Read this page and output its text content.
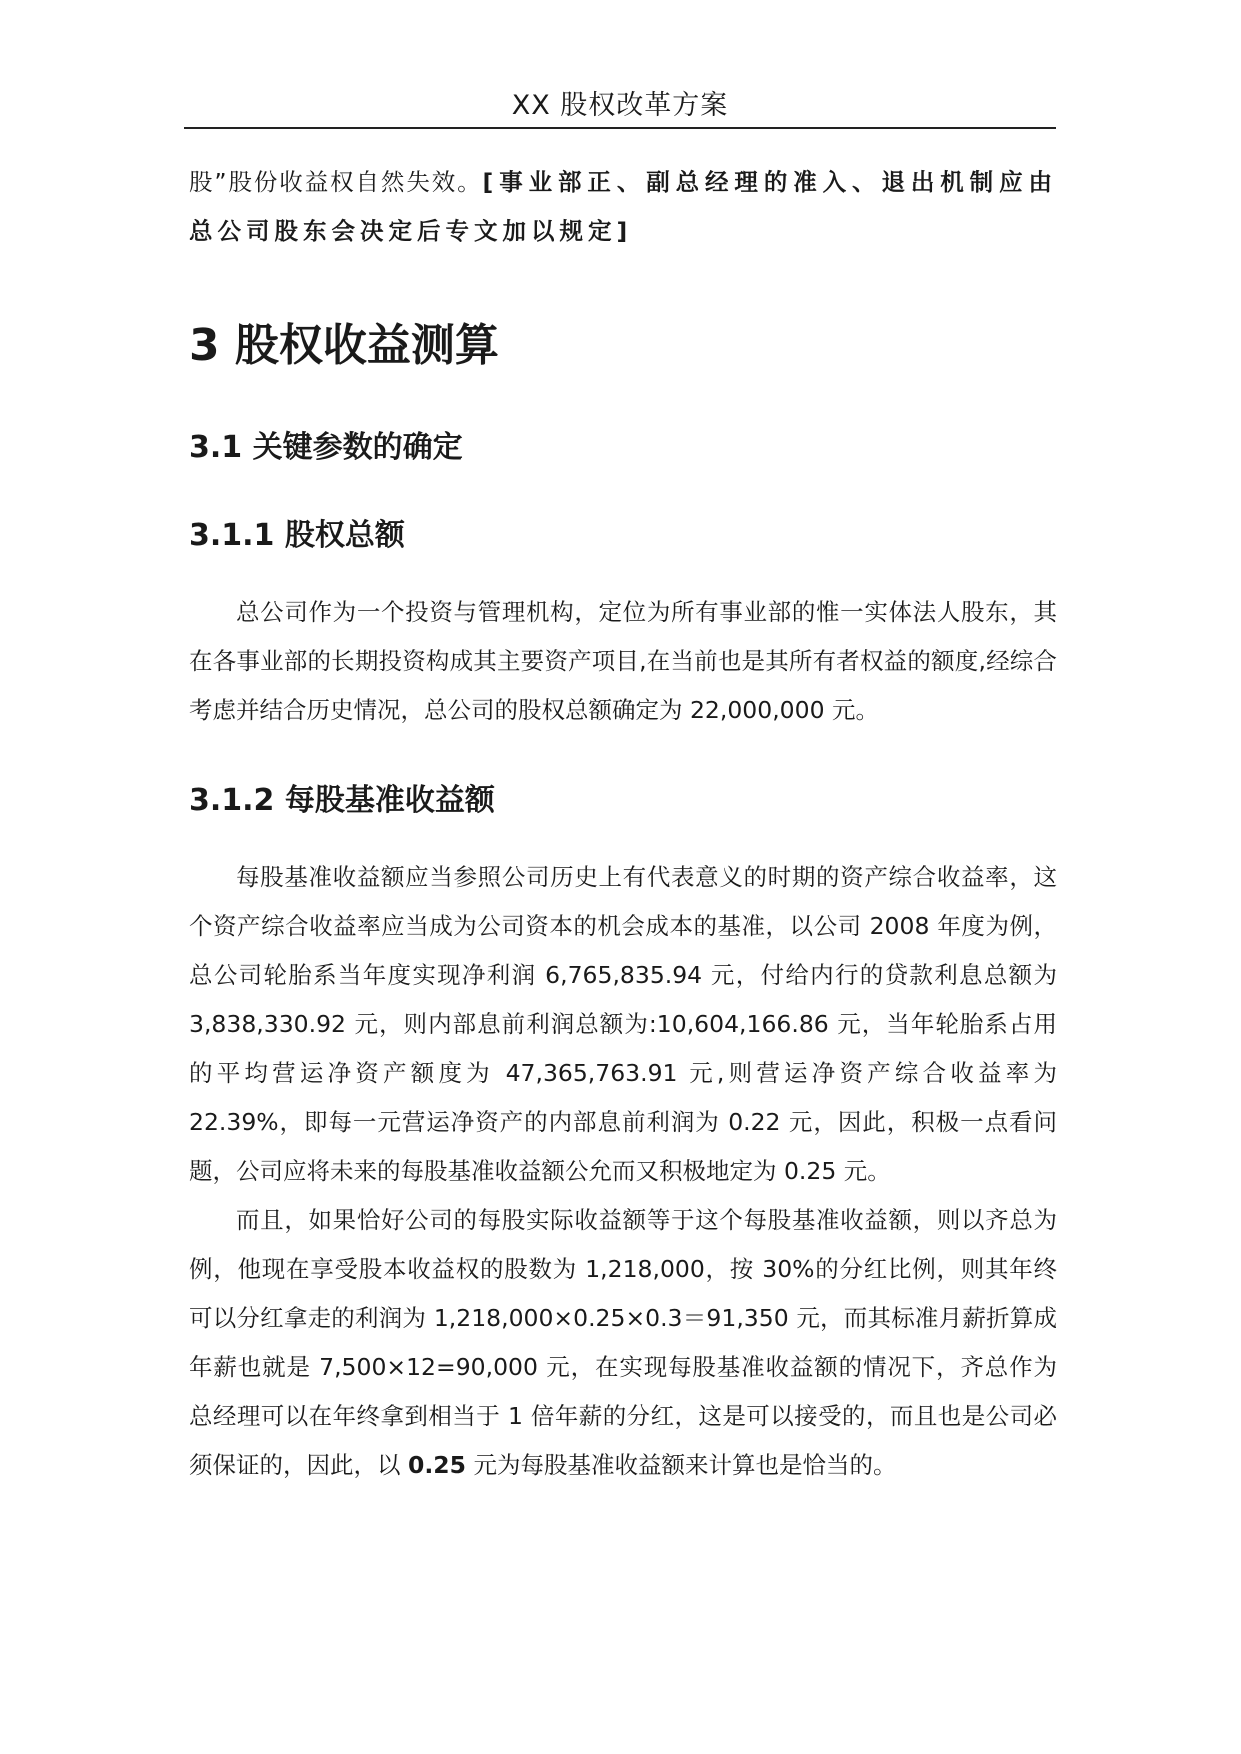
XX 股权改革方案

股”股份收益权自然失效。[事业部正、副总经理的准入、退出机制应由总公司股东会决定后专文加以规定]

3 股权收益测算
3.1 关键参数的确定
3.1.1 股权总额

总公司作为一个投资与管理机构，定位为所有事业部的惟一实体法人股东，其在各事业部的长期投资构成其主要资产项目,在当前也是其所有者权益的额度,经综合考虑并结合历史情况，总公司的股权总额确定为 22,000,000 元。

3.1.2 每股基准收益额

每股基准收益额应当参照公司历史上有代表意义的时期的资产综合收益率，这个资产综合收益率应当成为公司资本的机会成本的基准，以公司 2008 年度为例，总公司轮胎系当年度实现净利润 6,765,835.94 元，付给内行的贷款利息总额为 3,838,330.92 元，则内部息前利润总额为:10,604,166.86 元，当年轮胎系占用的平均营运净资产额度为 47,365,763.91 元,则营运净资产综合收益率为 22.39%，即每一元营运净资产的内部息前利润为 0.22 元，因此，积极一点看问题，公司应将未来的每股基准收益额公允而又积极地定为 0.25 元。

而且，如果恰好公司的每股实际收益额等于这个每股基准收益额，则以齐总为例，他现在享受股本收益权的股数为 1,218,000，按 30%的分红比例，则其年终可以分红拿走的利润为 1,218,000×0.25×0.3＝91,350 元，而其标准月薪折算成年薪也就是 7,500×12=90,000 元，在实现每股基准收益额的情况下，齐总作为总经理可以在年终拿到相当于 1 倍年薪的分红，这是可以接受的，而且也是公司必须保证的，因此，以 0.25 元为每股基准收益额来计算也是恰当的。
